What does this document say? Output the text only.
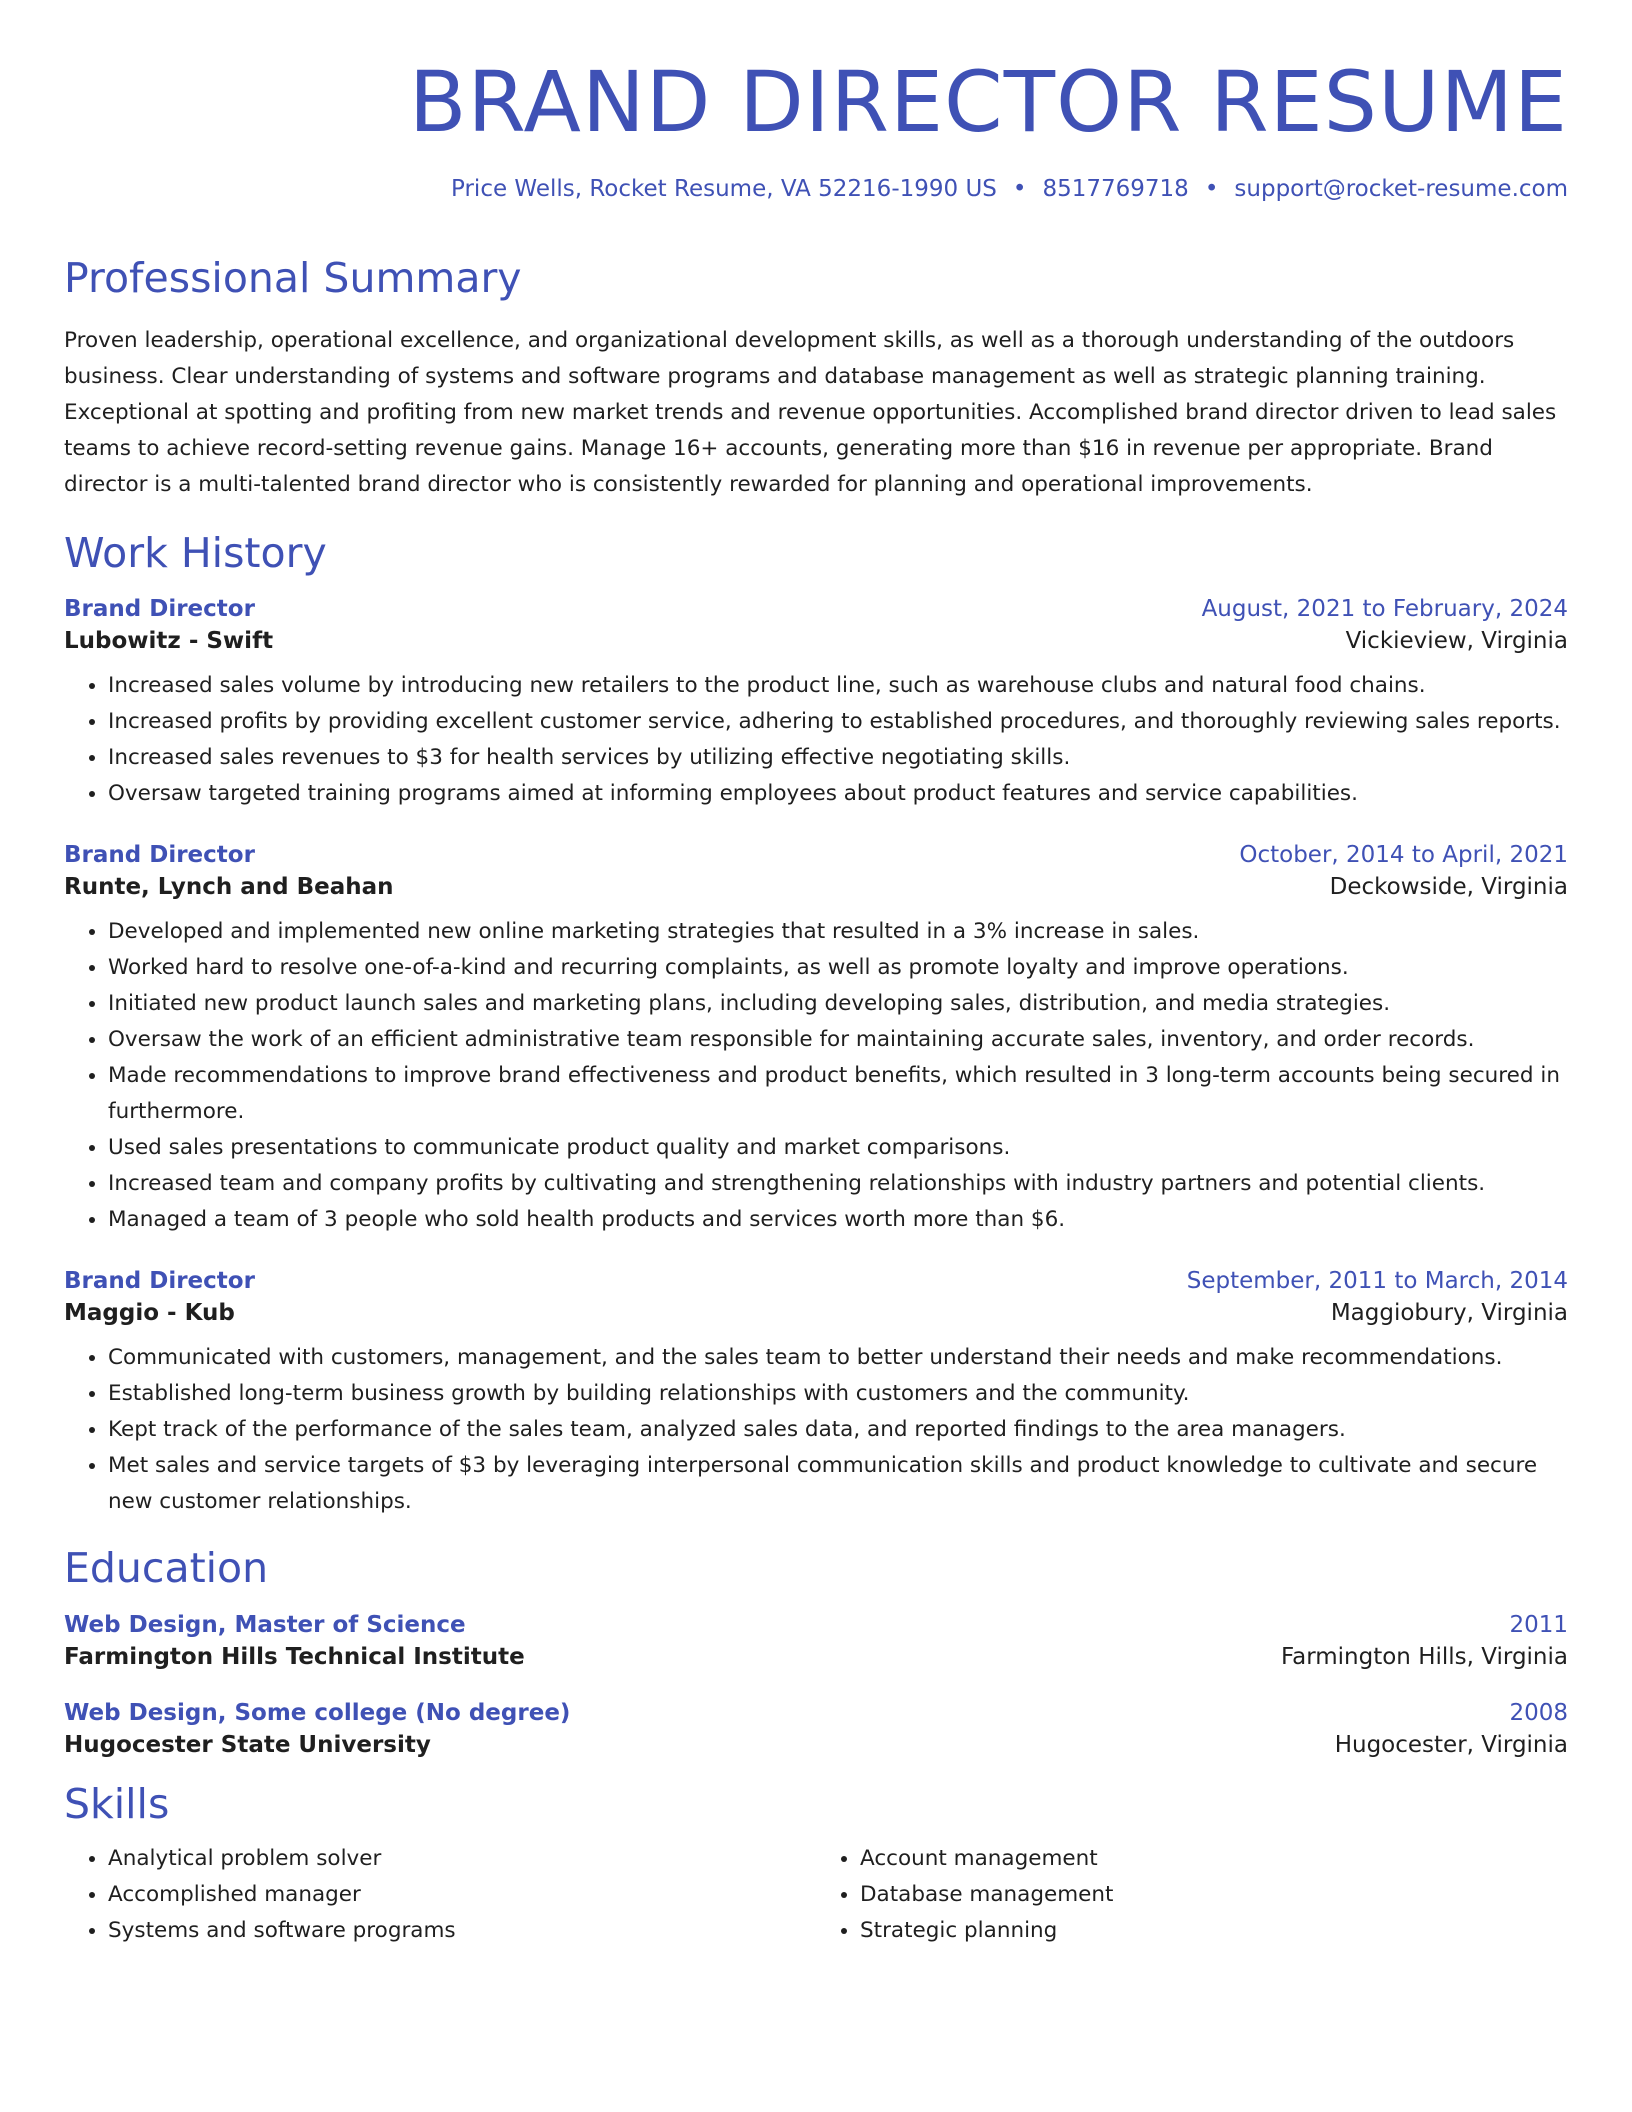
BRAND DIRECTOR RESUME
Price Wells, Rocket Resume, VA 52216-1990 US • 8517769718 • support@rocket-resume.com
Professional Summary
Proven leadership, operational excellence, and organizational development skills, as well as a thorough understanding of the outdoors business. Clear understanding of systems and software programs and database management as well as strategic planning training. Exceptional at spotting and profiting from new market trends and revenue opportunities. Accomplished brand director driven to lead sales teams to achieve record-setting revenue gains. Manage 16+ accounts, generating more than $16 in revenue per appropriate. Brand director is a multi-talented brand director who is consistently rewarded for planning and operational improvements.
Work History
Brand Director	August, 2021 to February, 2024
Lubowitz - Swift	Vickieview, Virginia
• Increased sales volume by introducing new retailers to the product line, such as warehouse clubs and natural food chains.
• Increased profits by providing excellent customer service, adhering to established procedures, and thoroughly reviewing sales reports.
• Increased sales revenues to $3 for health services by utilizing effective negotiating skills.
• Oversaw targeted training programs aimed at informing employees about product features and service capabilities.
Brand Director	October, 2014 to April, 2021
Runte, Lynch and Beahan	Deckowside, Virginia
• Developed and implemented new online marketing strategies that resulted in a 3% increase in sales.
• Worked hard to resolve one-of-a-kind and recurring complaints, as well as promote loyalty and improve operations.
• Initiated new product launch sales and marketing plans, including developing sales, distribution, and media strategies.
• Oversaw the work of an efficient administrative team responsible for maintaining accurate sales, inventory, and order records.
• Made recommendations to improve brand effectiveness and product benefits, which resulted in 3 long-term accounts being secured in furthermore.
• Used sales presentations to communicate product quality and market comparisons.
• Increased team and company profits by cultivating and strengthening relationships with industry partners and potential clients.
• Managed a team of 3 people who sold health products and services worth more than $6.
Brand Director	September, 2011 to March, 2014
Maggio - Kub	Maggiobury, Virginia
• Communicated with customers, management, and the sales team to better understand their needs and make recommendations.
• Established long-term business growth by building relationships with customers and the community.
• Kept track of the performance of the sales team, analyzed sales data, and reported findings to the area managers.
• Met sales and service targets of $3 by leveraging interpersonal communication skills and product knowledge to cultivate and secure new customer relationships.
Education
Web Design, Master of Science	2011
Farmington Hills Technical Institute	Farmington Hills, Virginia
Web Design, Some college (No degree)	2008
Hugocester State University	Hugocester, Virginia
Skills
• Analytical problem solver
• Accomplished manager
• Systems and software programs
• Account management
• Database management
• Strategic planning
